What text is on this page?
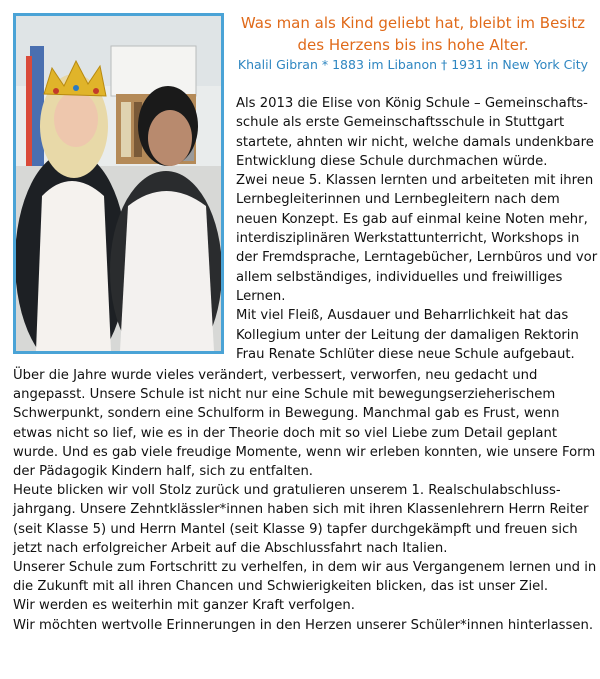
Was man als Kind geliebt hat, bleibt im Besitz
des Herzens bis ins hohe Alter.
Khalil Gibran * 1883 im Libanon † 1931 in New York City
Als 2013 die Elise von König Schule – Gemeinschafts-
schule als erste Gemeinschaftsschule in Stuttgart
startete, ahnten wir nicht, welche damals undenkbare
Entwicklung diese Schule durchmachen würde.
Zwei neue 5. Klassen lernten und arbeiteten mit ihren
Lernbegleiterinnen und Lernbegleitern nach dem
neuen Konzept. Es gab auf einmal keine Noten mehr,
interdisziplinären Werkstattunterricht, Workshops in
der Fremdsprache, Lerntagebücher, Lernbüros und vor
allem selbständiges, individuelles und freiwilliges
Lernen.
Mit viel Fleiß, Ausdauer und Beharrlichkeit hat das
Kollegium unter der Leitung der damaligen Rektorin
Frau Renate Schlüter diese neue Schule aufgebaut.
Über die Jahre wurde vieles verändert, verbessert, verworfen, neu gedacht und
angepasst. Unsere Schule ist nicht nur eine Schule mit bewegungserzieherischem
Schwerpunkt, sondern eine Schulform in Bewegung. Manchmal gab es Frust, wenn
etwas nicht so lief, wie es in der Theorie doch mit so viel Liebe zum Detail geplant
wurde. Und es gab viele freudige Momente, wenn wir erleben konnten, wie unsere Form
der Pädagogik Kindern half, sich zu entfalten.
Heute blicken wir voll Stolz zurück und gratulieren unserem 1. Realschulabschluss-
jahrgang. Unsere Zehntklässler*innen haben sich mit ihren Klassenlehrern Herrn Reiter
(seit Klasse 5) und Herrn Mantel (seit Klasse 9) tapfer durchgekämpft und freuen sich
jetzt nach erfolgreicher Arbeit auf die Abschlussfahrt nach Italien.
Unserer Schule zum Fortschritt zu verhelfen, in dem wir aus Vergangenem lernen und in
die Zukunft mit all ihren Chancen und Schwierigkeiten blicken, das ist unser Ziel.
Wir werden es weiterhin mit ganzer Kraft verfolgen.
Wir möchten wertvolle Erinnerungen in den Herzen unserer Schüler*innen hinterlassen.
